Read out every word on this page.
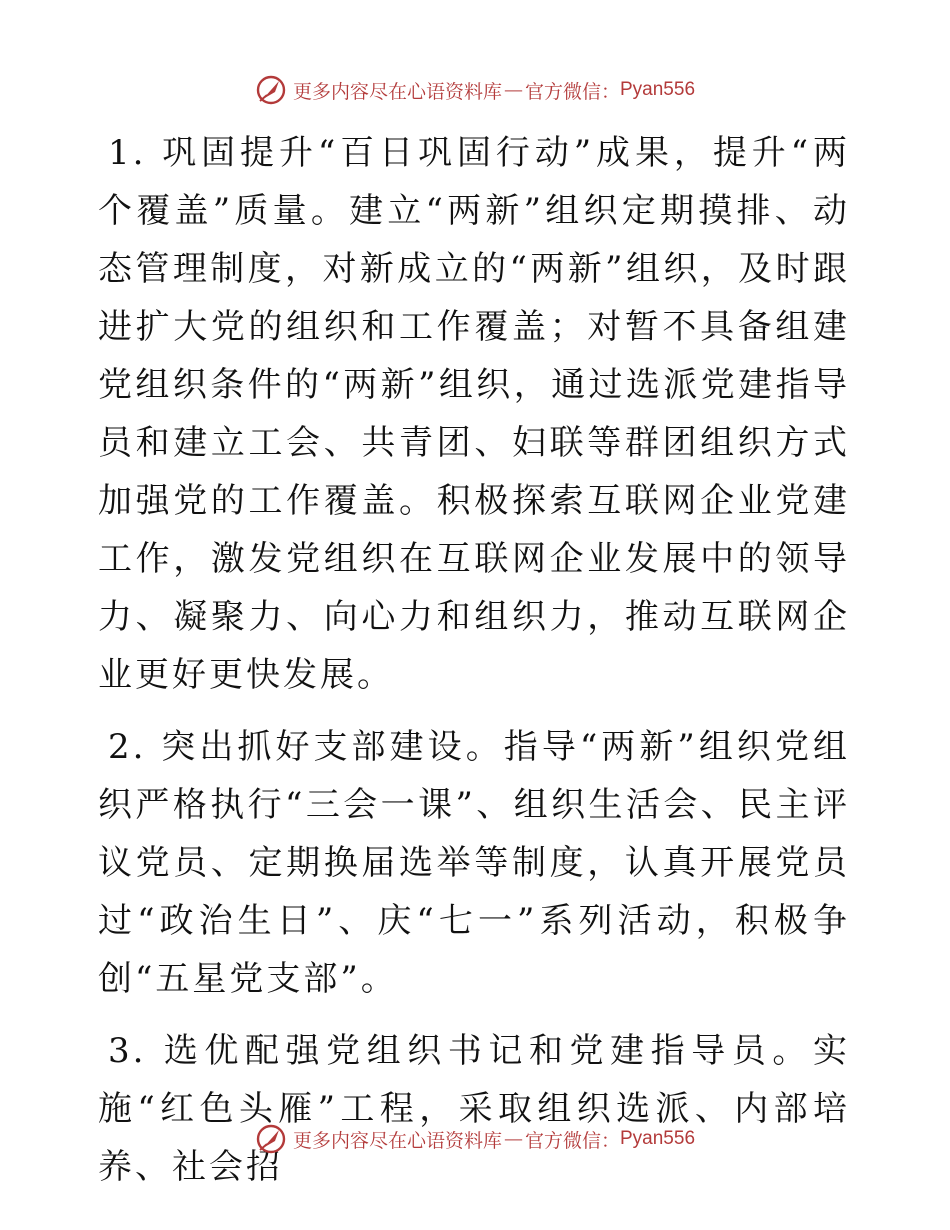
更多内容尽在心语资料库 — 官方微信： Pyan556

1. 巩固提升“百日巩固行动”成果，提升“两个覆盖”质量。建立“两新”组织定期摸排、动态管理制度，对新成立的“两新”组织，及时跟进扩大党的组织和工作覆盖；对暂不具备组建党组织条件的“两新”组织，通过选派党建指导员和建立工会、共青团、妇联等群团组织方式加强党的工作覆盖。积极探索互联网企业党建工作，激发党组织在互联网企业发展中的领导力、凝聚力、向心力和组织力，推动互联网企业更好更快发展。

2. 突出抓好支部建设。指导“两新”组织党组织严格执行“三会一课”、组织生活会、民主评议党员、定期换届选举等制度，认真开展党员过“政治生日”、庆“七一”系列活动，积极争创“五星党支部”。

3. 选优配强党组织书记和党建指导员。实施“红色头雁”工程，采取组织选派、内部培养、社会招

更多内容尽在心语资料库 — 官方微信： Pyan556
